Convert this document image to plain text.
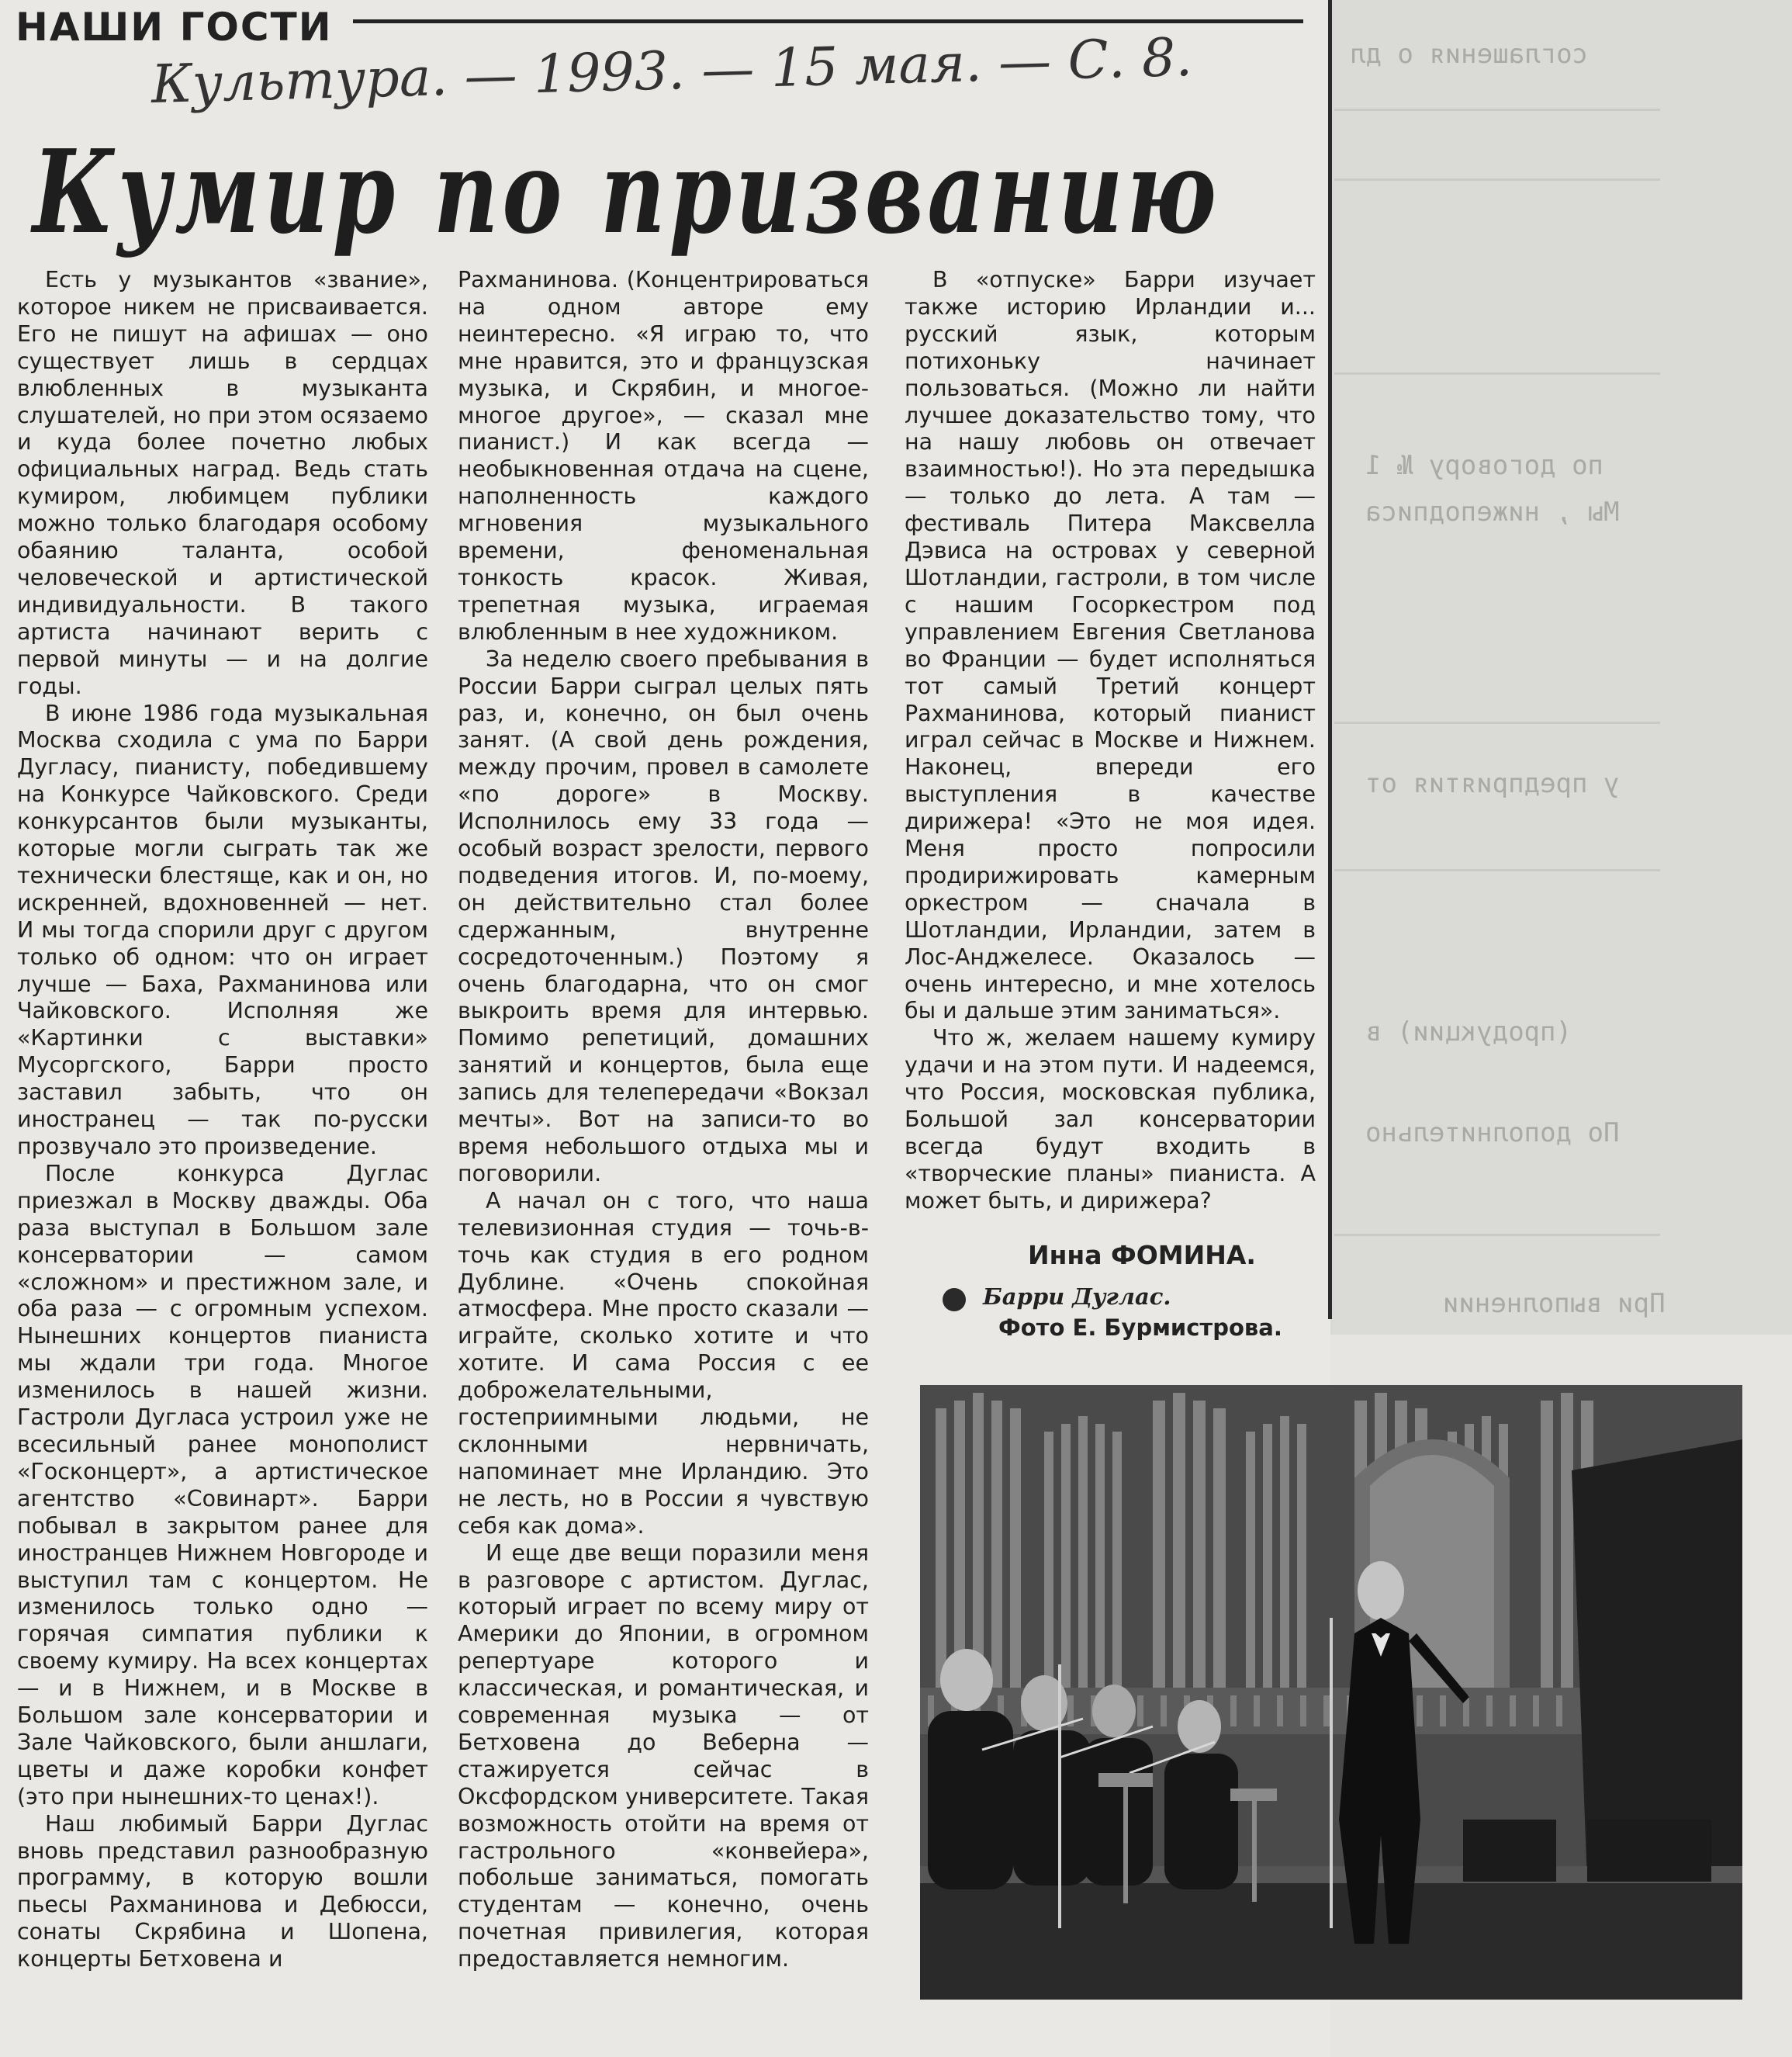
соглашения о дл
Мы , нижеподписа
по договору № 1
у предприятия от
(продукции) в
По дополнительно
При выполнении
НАШИ ГОСТИ
Культура. — 1993. — 15 мая. — С. 8.
Кумир по призванию

Есть у музыкантов «звание», которое никем не присваивается. Его не пишут на афишах — оно существует лишь в сердцах влюбленных в музыканта слушателей, но при этом осязаемо и куда более почетно любых официальных наград. Ведь стать кумиром, любимцем публики можно только благодаря особому обаянию таланта, особой человеческой и артистической индивидуальности. В такого артиста начинают верить с первой минуты — и на долгие годы.

В июне 1986 года музыкальная Москва сходила с ума по Барри Дугласу, пианисту, победившему на Конкурсе Чайковского. Среди конкурсантов были музыканты, которые могли сыграть так же технически блестяще, как и он, но искренней, вдохновенней — нет. И мы тогда спорили друг с другом только об одном: что он играет лучше — Баха, Рахманинова или Чайковского. Исполняя же «Картинки с выставки» Мусоргского, Барри просто заставил забыть, что он иностранец — так по-русски прозвучало это произведение.

После конкурса Дуглас приезжал в Москву дважды. Оба раза выступал в Большом зале консерватории — самом «сложном» и престижном зале, и оба раза — с огромным успехом. Нынешних концертов пианиста мы ждали три года. Многое изменилось в нашей жизни. Гастроли Дугласа устроил уже не всесильный ранее монополист «Госконцерт», а артистическое агентство «Совинарт». Барри побывал в закрытом ранее для иностранцев Нижнем Новгороде и выступил там с концертом. Не изменилось только одно — горячая симпатия публики к своему кумиру. На всех концертах — и в Нижнем, и в Москве в Большом зале консерватории и Зале Чайковского, были аншлаги, цветы и даже коробки конфет (это при нынешних-то ценах!).

Наш любимый Барри Дуглас вновь представил разнообразную программу, в которую вошли пьесы Рахманинова и Дебюсси, сонаты Скрябина и Шопена, концерты Бетховена и

Рахманинова. (Концентрироваться на одном авторе ему неинтересно. «Я играю то, что мне нравится, это и французская музыка, и Скрябин, и многое-многое другое», — сказал мне пианист.) И как всегда — необыкновенная отдача на сцене, наполненность каждого мгновения музыкального времени, феноменальная тонкость красок. Живая, трепетная музыка, играемая влюбленным в нее художником.

За неделю своего пребывания в России Барри сыграл целых пять раз, и, конечно, он был очень занят. (А свой день рождения, между прочим, провел в самолете «по дороге» в Москву. Исполнилось ему 33 года — особый возраст зрелости, первого подведения итогов. И, по-моему, он действительно стал более сдержанным, внутренне сосредоточенным.) Поэтому я очень благодарна, что он смог выкроить время для интервью. Помимо репетиций, домашних занятий и концертов, была еще запись для телепередачи «Вокзал мечты». Вот на записи-то во время небольшого отдыха мы и поговорили.

А начал он с того, что наша телевизионная студия — точь-в-точь как студия в его родном Дублине. «Очень спокойная атмосфера. Мне просто сказали — играйте, сколько хотите и что хотите. И сама Россия с ее доброжелательными, гостеприимными людьми, не склонными нервничать, напоминает мне Ирландию. Это не лесть, но в России я чувствую себя как дома».

И еще две вещи поразили меня в разговоре с артистом. Дуглас, который играет по всему миру от Америки до Японии, в огромном репертуаре которого и классическая, и романтическая, и современная музыка — от Бетховена до Веберна — стажируется сейчас в Оксфордском университете. Такая возможность отойти на время от гастрольного «конвейера», побольше заниматься, помогать студентам — конечно, очень почетная привилегия, которая предоставляется немногим.

В «отпуске» Барри изучает также историю Ирландии и... русский язык, которым потихоньку начинает пользоваться. (Можно ли найти лучшее доказательство тому, что на нашу любовь он отвечает взаимностью!). Но эта передышка — только до лета. А там — фестиваль Питера Максвелла Дэвиса на островах у северной Шотландии, гастроли, в том числе с нашим Госоркестром под управлением Евгения Светланова во Франции — будет исполняться тот самый Третий концерт Рахманинова, который пианист играл сейчас в Москве и Нижнем. Наконец, впереди его выступления в качестве дирижера! «Это не моя идея. Меня просто попросили продирижировать камерным оркестром — сначала в Шотландии, Ирландии, затем в Лос-Анджелесе. Оказалось — очень интересно, и мне хотелось бы и дальше этим заниматься».

Что ж, желаем нашему кумиру удачи и на этом пути. И надеемся, что Россия, московская публика, Большой зал консерватории всегда будут входить в «творческие планы» пианиста. А может быть, и дирижера?

Инна ФОМИНА.
Барри Дуглас.
Фото Е. Бурмистрова.
